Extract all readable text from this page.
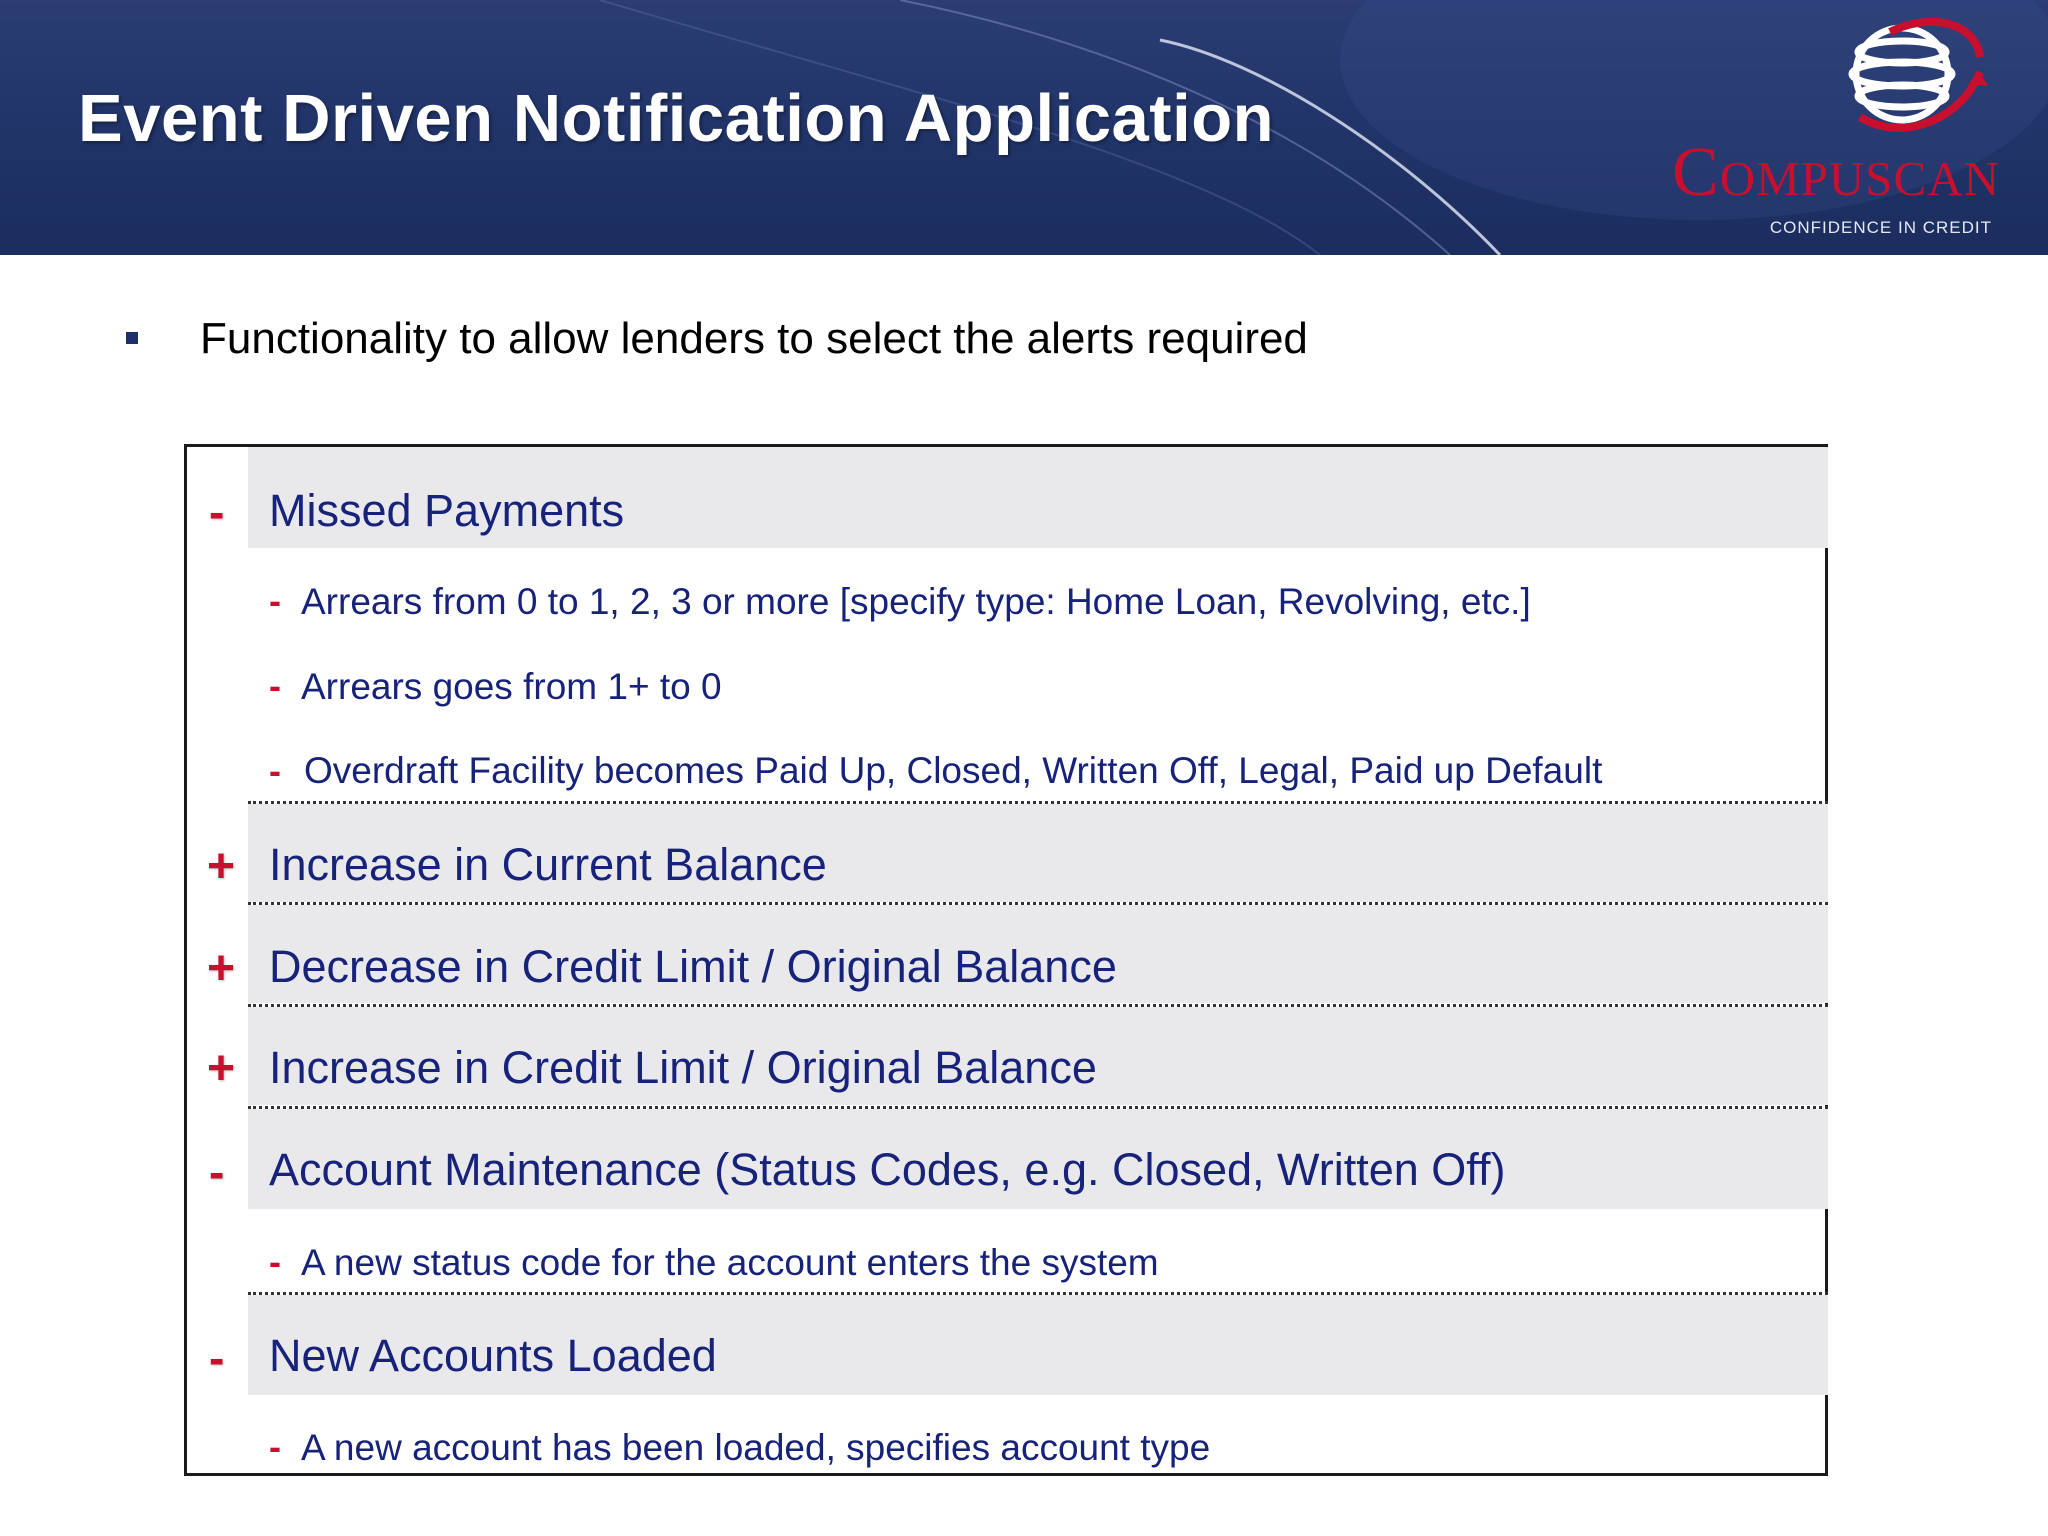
Event Driven Notification Application
Compuscan
CONFIDENCE IN CREDIT
Functionality to allow lenders to select the alerts required
- Missed Payments
- Arrears from 0 to 1, 2, 3 or more [specify type: Home Loan, Revolving, etc.]
- Arrears goes from 1+ to 0
- Overdraft Facility becomes Paid Up, Closed, Written Off, Legal, Paid up Default
+ Increase in Current Balance
+ Decrease in Credit Limit / Original Balance
+ Increase in Credit Limit / Original Balance
- Account Maintenance (Status Codes, e.g. Closed, Written Off)
- A new status code for the account enters the system
- New Accounts Loaded
- A new account has been loaded, specifies account type
